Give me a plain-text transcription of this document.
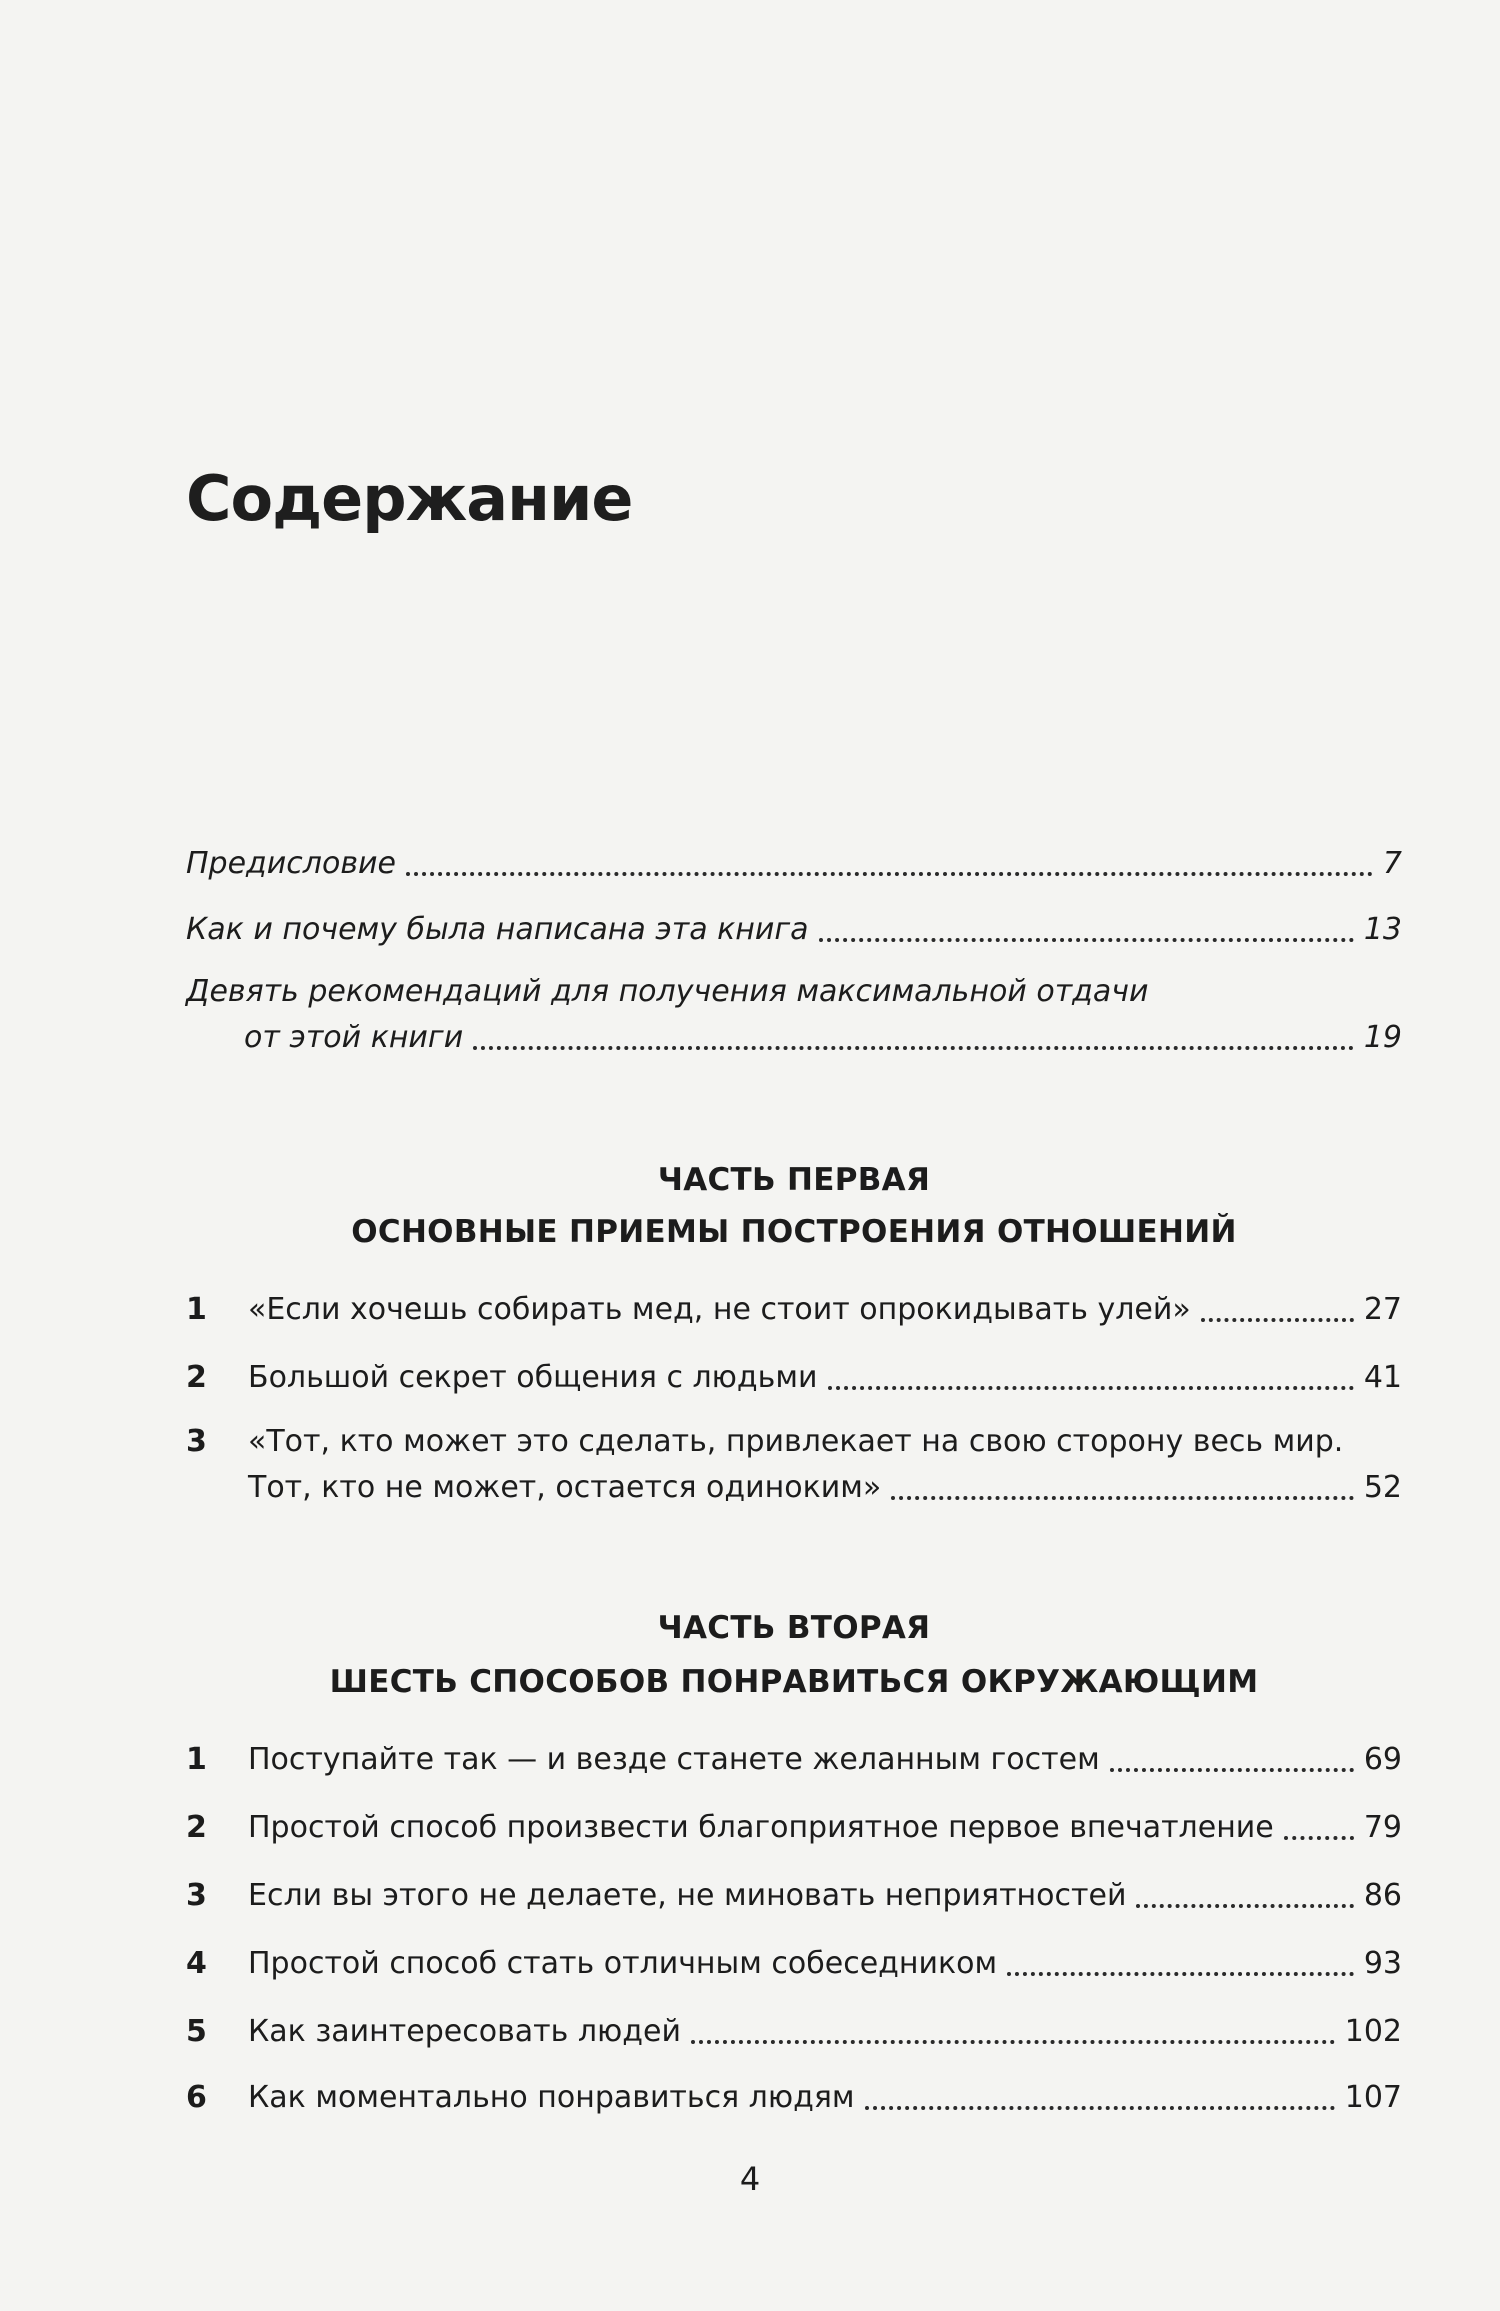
Содержание
Предисловие	7
Как и почему была написана эта книга	13
Девять рекомендаций для получения максимальной отдачи
от этой книги	19
ЧАСТЬ ПЕРВАЯ
ОСНОВНЫЕ ПРИЕМЫ ПОСТРОЕНИЯ ОТНОШЕНИЙ
1	«Если хочешь собирать мед, не стоит опрокидывать улей»	27
2	Большой секрет общения с людьми	41
3	«Тот, кто может это сделать, привлекает на свою сторону весь мир.
Тот, кто не может, остается одиноким»	52
ЧАСТЬ ВТОРАЯ
ШЕСТЬ СПОСОБОВ ПОНРАВИТЬСЯ ОКРУЖАЮЩИМ
1	Поступайте так — и везде станете желанным гостем	69
2	Простой способ произвести благоприятное первое впечатление	79
3	Если вы этого не делаете, не миновать неприятностей	86
4	Простой способ стать отличным собеседником	93
5	Как заинтересовать людей	102
6	Как моментально понравиться людям	107
4
